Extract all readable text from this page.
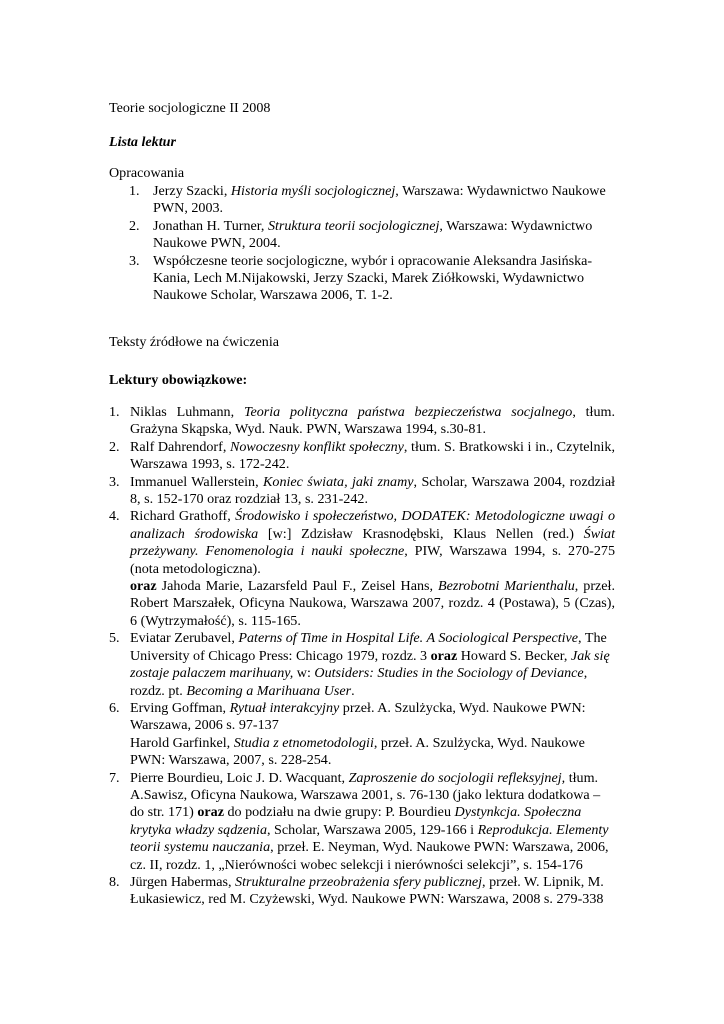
Teorie socjologiczne II 2008
Lista lektur
Opracowania
1. Jerzy Szacki, Historia myśli socjologicznej, Warszawa: Wydawnictwo Naukowe PWN, 2003.
2. Jonathan H. Turner, Struktura teorii socjologicznej, Warszawa: Wydawnictwo Naukowe PWN, 2004.
3. Współczesne teorie socjologiczne, wybór i opracowanie Aleksandra Jasińska-Kania, Lech M.Nijakowski, Jerzy Szacki, Marek Ziółkowski, Wydawnictwo Naukowe Scholar, Warszawa 2006, T. 1-2.
Teksty źródłowe na ćwiczenia
Lektury obowiązkowe:
1. Niklas Luhmann, Teoria polityczna państwa bezpieczeństwa socjalnego, tłum. Grażyna Skąpska, Wyd. Nauk. PWN, Warszawa 1994, s.30-81.
2. Ralf Dahrendorf, Nowoczesny konflikt społeczny, tłum. S. Bratkowski i in., Czytelnik, Warszawa 1993, s. 172-242.
3. Immanuel Wallerstein, Koniec świata, jaki znamy, Scholar, Warszawa 2004, rozdział 8, s. 152-170 oraz rozdział 13, s. 231-242.
4. Richard Grathoff, Środowisko i społeczeństwo, DODATEK: Metodologiczne uwagi o analizach środowiska [w:] Zdzisław Krasnodębski, Klaus Nellen (red.) Świat przeżywany. Fenomenologia i nauki społeczne, PIW, Warszawa 1994, s. 270-275 (nota metodologiczna).
oraz Jahoda Marie, Lazarsfeld Paul F., Zeisel Hans, Bezrobotni Marienthalu, przeł. Robert Marszałek, Oficyna Naukowa, Warszawa 2007, rozdz. 4 (Postawa), 5 (Czas), 6 (Wytrzymałość), s. 115-165.
5. Eviatar Zerubavel, Paterns of Time in Hospital Life. A Sociological Perspective, The University of Chicago Press: Chicago 1979, rozdz. 3 oraz Howard S. Becker, Jak się zostaje palaczem marihuany, w: Outsiders: Studies in the Sociology of Deviance, rozdz. pt. Becoming a Marihuana User.
6. Erving Goffman, Rytuał interakcyjny przeł. A. Szulżycka, Wyd. Naukowe PWN: Warszawa, 2006 s. 97-137
Harold Garfinkel, Studia z etnometodologii, przeł. A. Szulżycka, Wyd. Naukowe PWN: Warszawa, 2007, s. 228-254.
7. Pierre Bourdieu, Loic J. D. Wacquant, Zaproszenie do socjologii refleksyjnej, tłum. A.Sawisz, Oficyna Naukowa, Warszawa 2001, s. 76-130 (jako lektura dodatkowa – do str. 171) oraz do podziału na dwie grupy: P. Bourdieu Dystynkcja. Społeczna krytyka władzy sądzenia, Scholar, Warszawa 2005, 129-166 i Reprodukcja. Elementy teorii systemu nauczania, przeł. E. Neyman, Wyd. Naukowe PWN: Warszawa, 2006, cz. II, rozdz. 1, „Nierówności wobec selekcji i nierówności selekcji”, s. 154-176
8. Jürgen Habermas, Strukturalne przeobrażenia sfery publicznej, przeł. W. Lipnik, M. Łukasiewicz, red M. Czyżewski, Wyd. Naukowe PWN: Warszawa, 2008 s. 279-338
